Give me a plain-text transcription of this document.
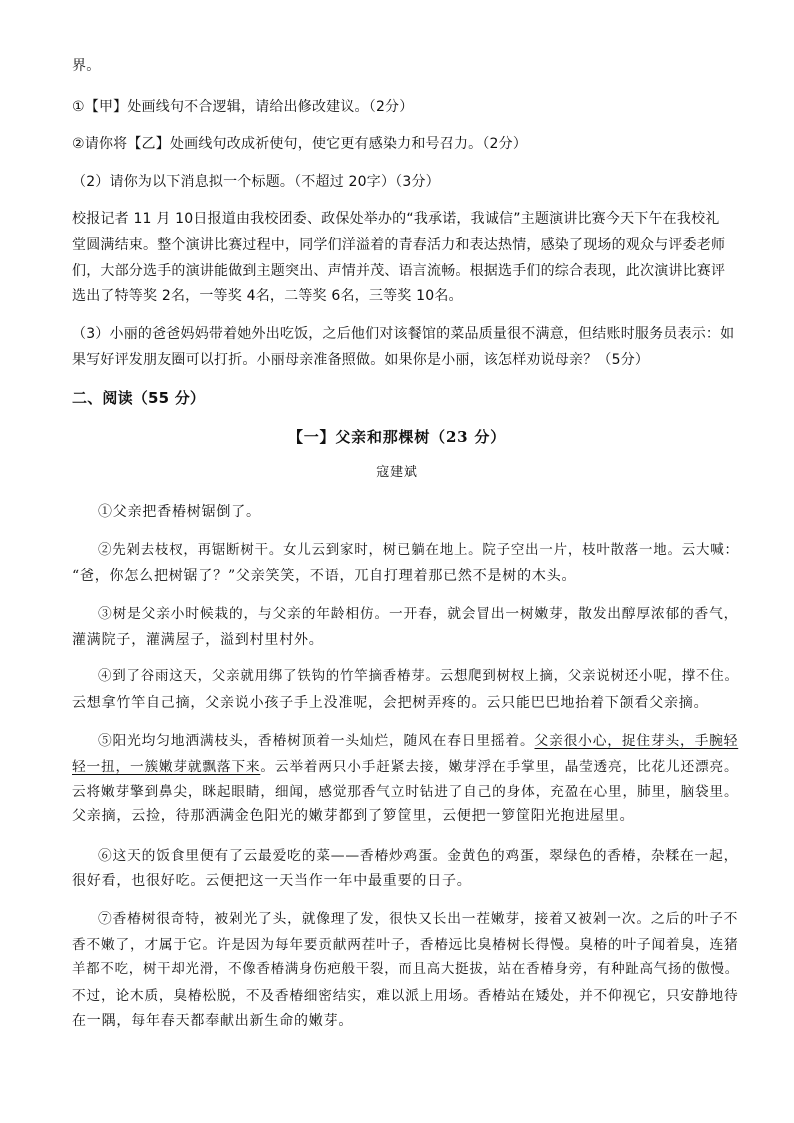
界。
①【甲】处画线句不合逻辑，请给出修改建议。（2分）
②请你将【乙】处画线句改成祈使句，使它更有感染力和号召力。（2分）
（2）请你为以下消息拟一个标题。（不超过 20字）（3分）
校报记者 11 月 10日报道由我校团委、政保处举办的“我承诺，我诚信”主题演讲比赛今天下午在我校礼
堂圆满结束。整个演讲比赛过程中，同学们洋溢着的青春活力和表达热情，感染了现场的观众与评委老师
们，大部分选手的演讲能做到主题突出、声情并茂、语言流畅。根据选手们的综合表现，此次演讲比赛评
选出了特等奖 2名，一等奖 4名，二等奖 6名，三等奖 10名。
（3）小丽的爸爸妈妈带着她外出吃饭，之后他们对该餐馆的菜品质量很不满意，但结账时服务员表示：如
果写好评发朋友圈可以打折。小丽母亲准备照做。如果你是小丽，该怎样劝说母亲？（5分）
二、阅读（55 分）
【一】父亲和那棵树（23 分）
寇建斌
①父亲把香椿树锯倒了。
②先剁去枝杈，再锯断树干。女儿云到家时，树已躺在地上。院子空出一片，枝叶散落一地。云大喊：
“爸，你怎么把树锯了？”父亲笑笑，不语，兀自打理着那已然不是树的木头。
③树是父亲小时候栽的，与父亲的年龄相仿。一开春，就会冒出一树嫩芽，散发出醇厚浓郁的香气，
灌满院子，灌满屋子，溢到村里村外。
④到了谷雨这天，父亲就用绑了铁钩的竹竿摘香椿芽。云想爬到树杈上摘，父亲说树还小呢，撑不住。
云想拿竹竿自己摘，父亲说小孩子手上没准呢，会把树弄疼的。云只能巴巴地抬着下颌看父亲摘。
⑤阳光均匀地洒满枝头，香椿树顶着一头灿烂，随风在春日里摇着。父亲很小心，捉住芽头，手腕轻
轻一扭，一簇嫩芽就飘落下来。云举着两只小手赶紧去接，嫩芽浮在手掌里，晶莹透亮，比花儿还漂亮。
云将嫩芽擎到鼻尖，眯起眼睛，细闻，感觉那香气立时钻进了自己的身体，充盈在心里，肺里，脑袋里。
父亲摘，云捡，待那洒满金色阳光的嫩芽都到了箩筐里，云便把一箩筐阳光抱进屋里。
⑥这天的饭食里便有了云最爱吃的菜——香椿炒鸡蛋。金黄色的鸡蛋，翠绿色的香椿，杂糅在一起，
很好看，也很好吃。云便把这一天当作一年中最重要的日子。
⑦香椿树很奇特，被剁光了头，就像理了发，很快又长出一茬嫩芽，接着又被剁一次。之后的叶子不
香不嫩了，才属于它。许是因为每年要贡献两茬叶子，香椿远比臭椿树长得慢。臭椿的叶子闻着臭，连猪
羊都不吃，树干却光滑，不像香椿满身伤疤般干裂，而且高大挺拔，站在香椿身旁，有种趾高气扬的傲慢。
不过，论木质，臭椿松脱，不及香椿细密结实，难以派上用场。香椿站在矮处，并不仰视它，只安静地待
在一隅，每年春天都奉献出新生命的嫩芽。
